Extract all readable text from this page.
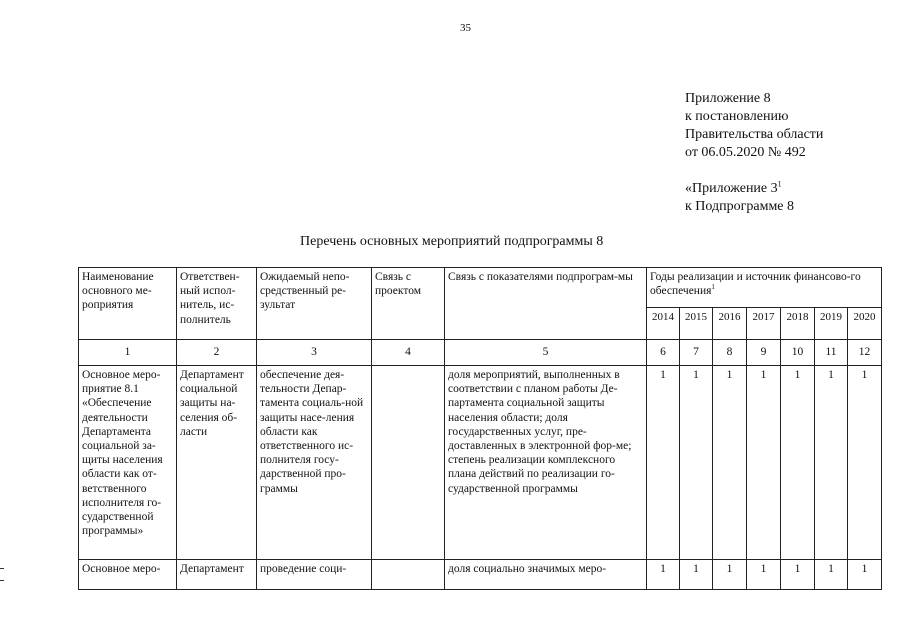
35
Приложение 8
к постановлению
Правительства области
от 06.05.2020 № 492
«Приложение $3^1$
к Подпрограмме 8
Перечень основных мероприятий подпрограммы 8
Наименование основного ме-роприятия	Ответствен-ный испол-нитель, ис-полнитель	Ожидаемый непо-средственный ре-зультат	Связь с проектом	Связь с показателями подпрограм-мы	Годы реализации и источник финансово-го обеспечения$^1$
					2014	2015	2016	2017	2018	2019	2020
1	2	3	4	5	6	7	8	9	10	11	12
Основное меро-приятие 8.1 «Обеспечение деятельности Департамента социальной за-щиты населения области как от-ветственного исполнителя го-сударственной программы»	Департамент социальной защиты на-селения об-ласти	обеспечение дея-тельности Депар-тамента социаль-ной защиты насе-ления области как ответственного ис-полнителя госу-дарственной про-граммы		доля мероприятий, выполненных в соответствии с планом работы Де-партамента социальной защиты населения области; доля государственных услуг, пре-доставленных в электронной фор-ме; степень реализации комплексного плана действий по реализации го-сударственной программы	1	1	1	1	1	1	1
Основное меро-	Департамент	проведение соци-		доля социально значимых меро-	1	1	1	1	1	1	1
